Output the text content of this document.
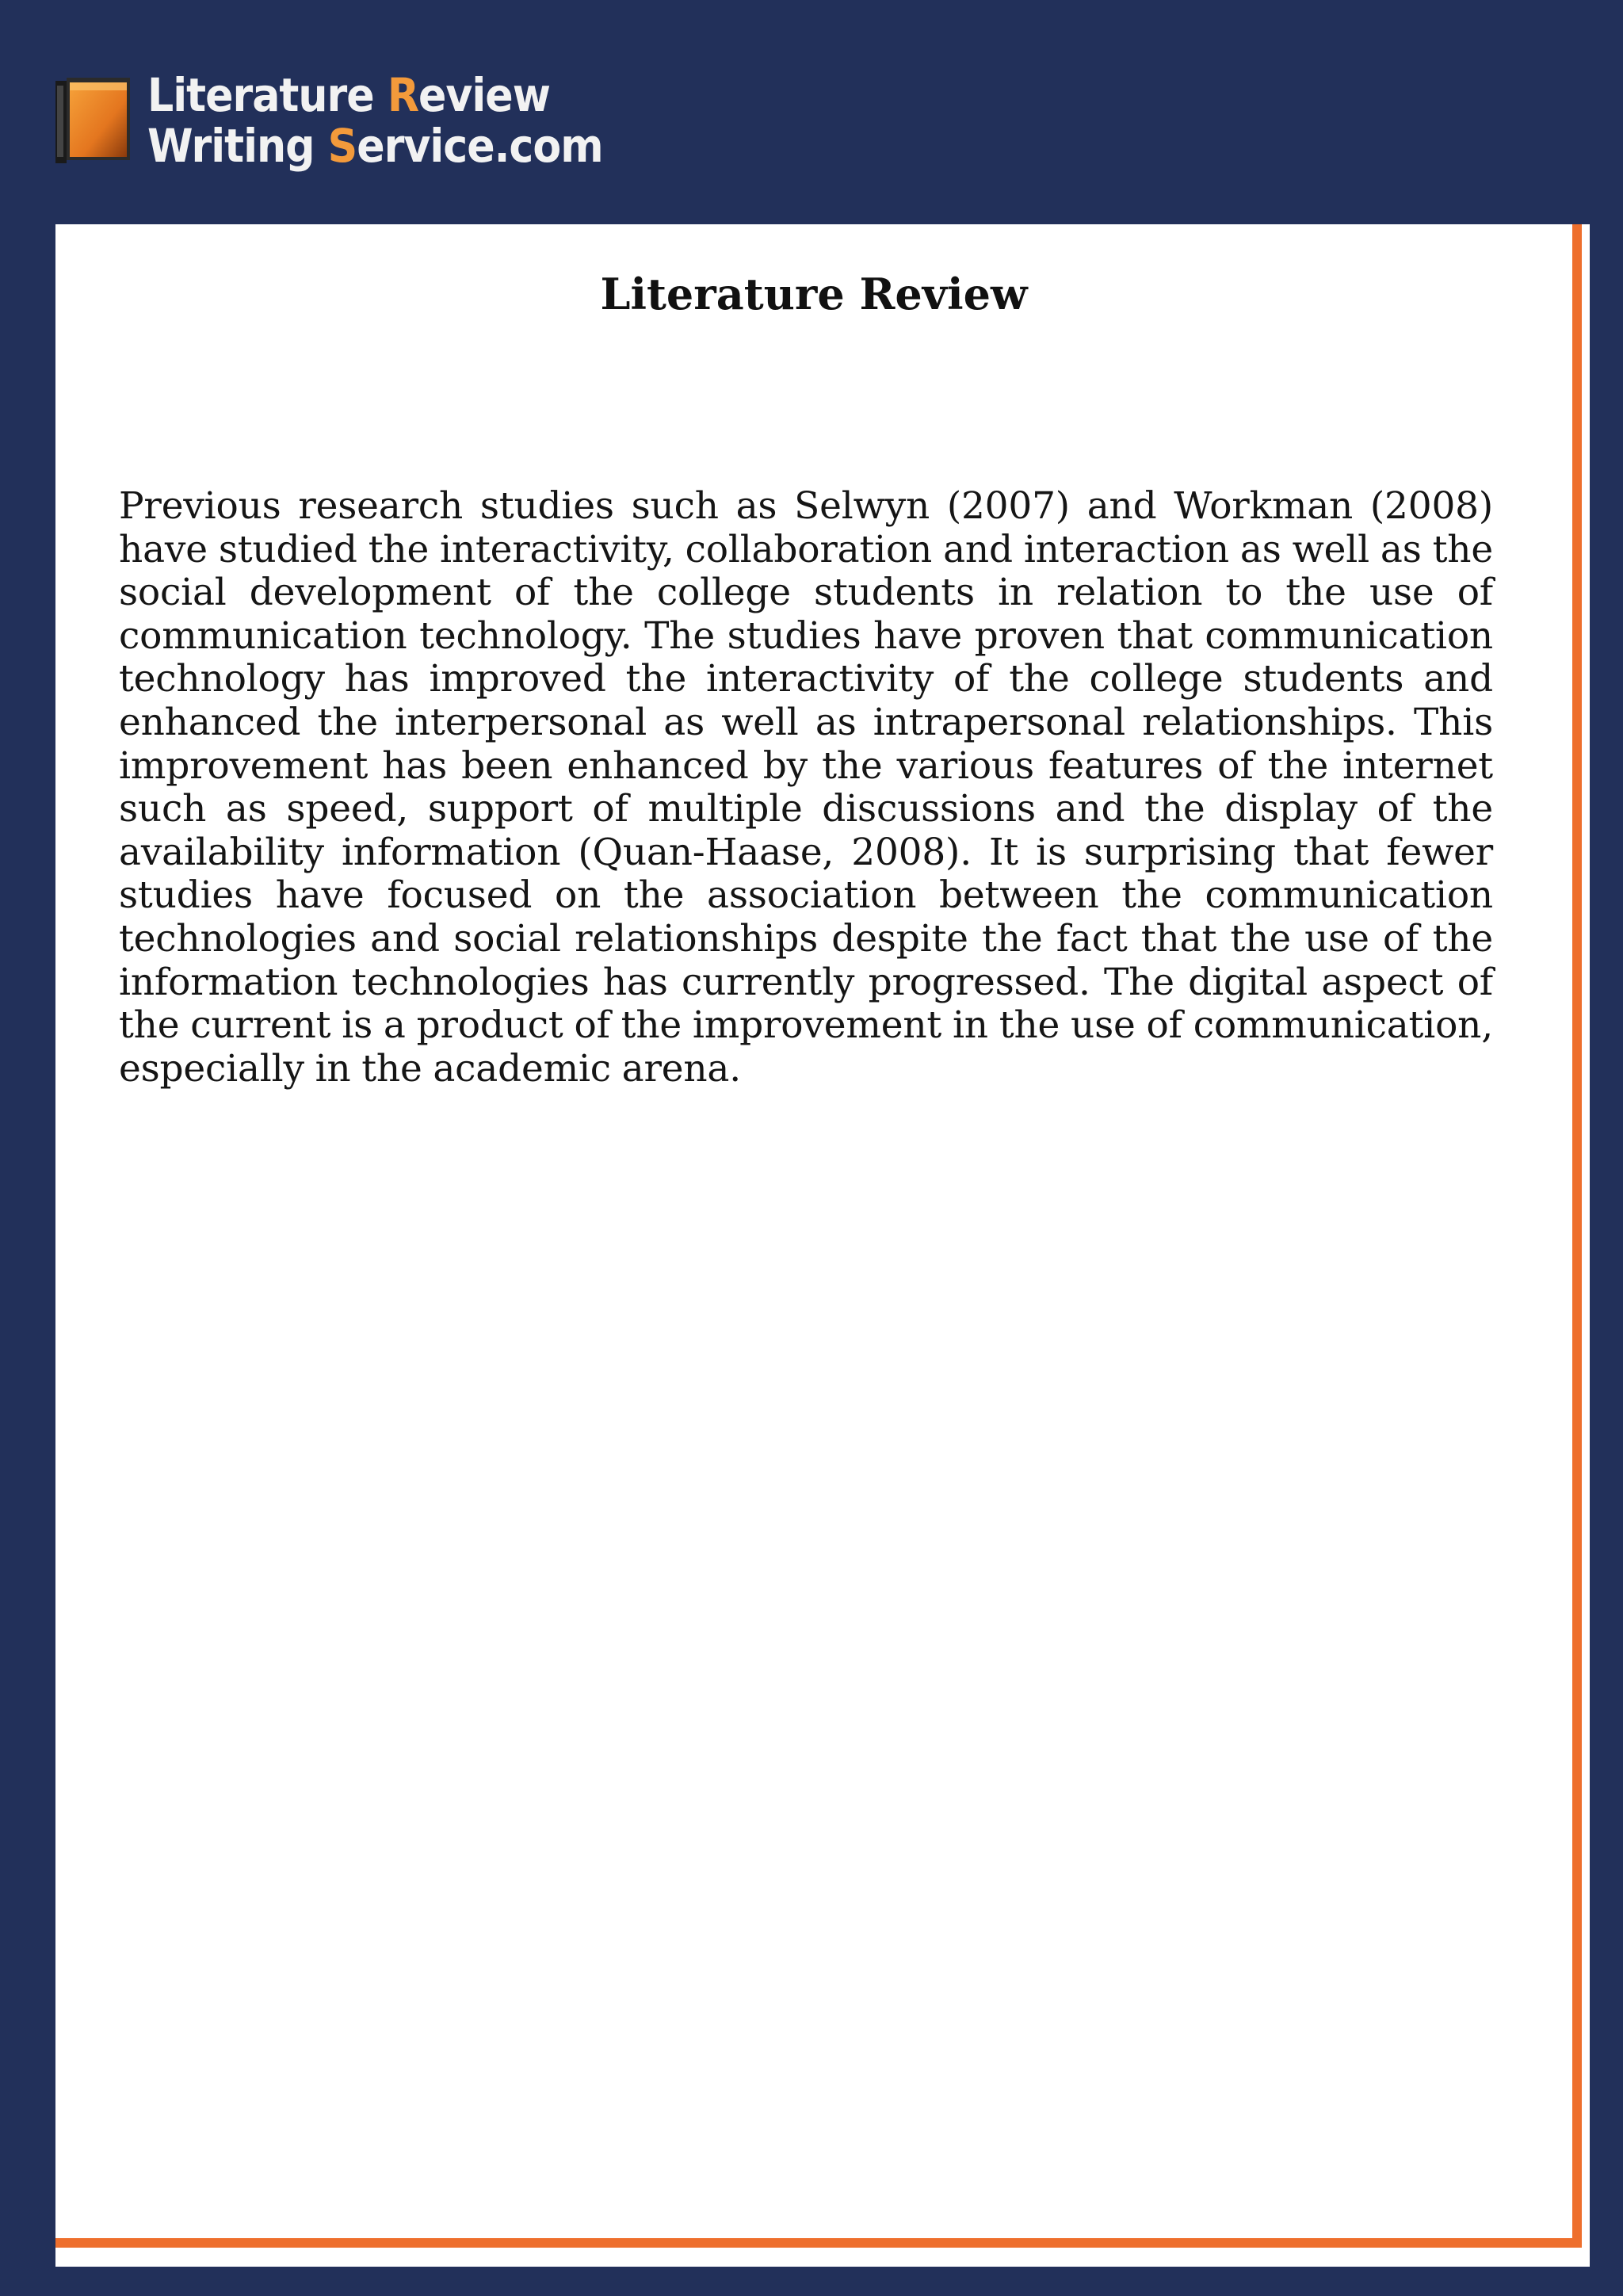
Literature Review
Writing Service.com
Literature Review
Previous research studies such as Selwyn (2007) and Workman (2008) have studied the interactivity, collaboration and interaction as well as the social development of the college students in relation to the use of communication technology. The studies have proven that communication technology has improved the interactivity of the college students and enhanced the interpersonal as well as intrapersonal relationships. This improvement has been enhanced by the various features of the internet such as speed, support of multiple discussions and the display of the availability information (Quan-Haase, 2008). It is surprising that fewer studies have focused on the association between the communication technologies and social relationships despite the fact that the use of the information technologies has currently progressed. The digital aspect of the current is a product of the improvement in the use of communication, especially in the academic arena.
